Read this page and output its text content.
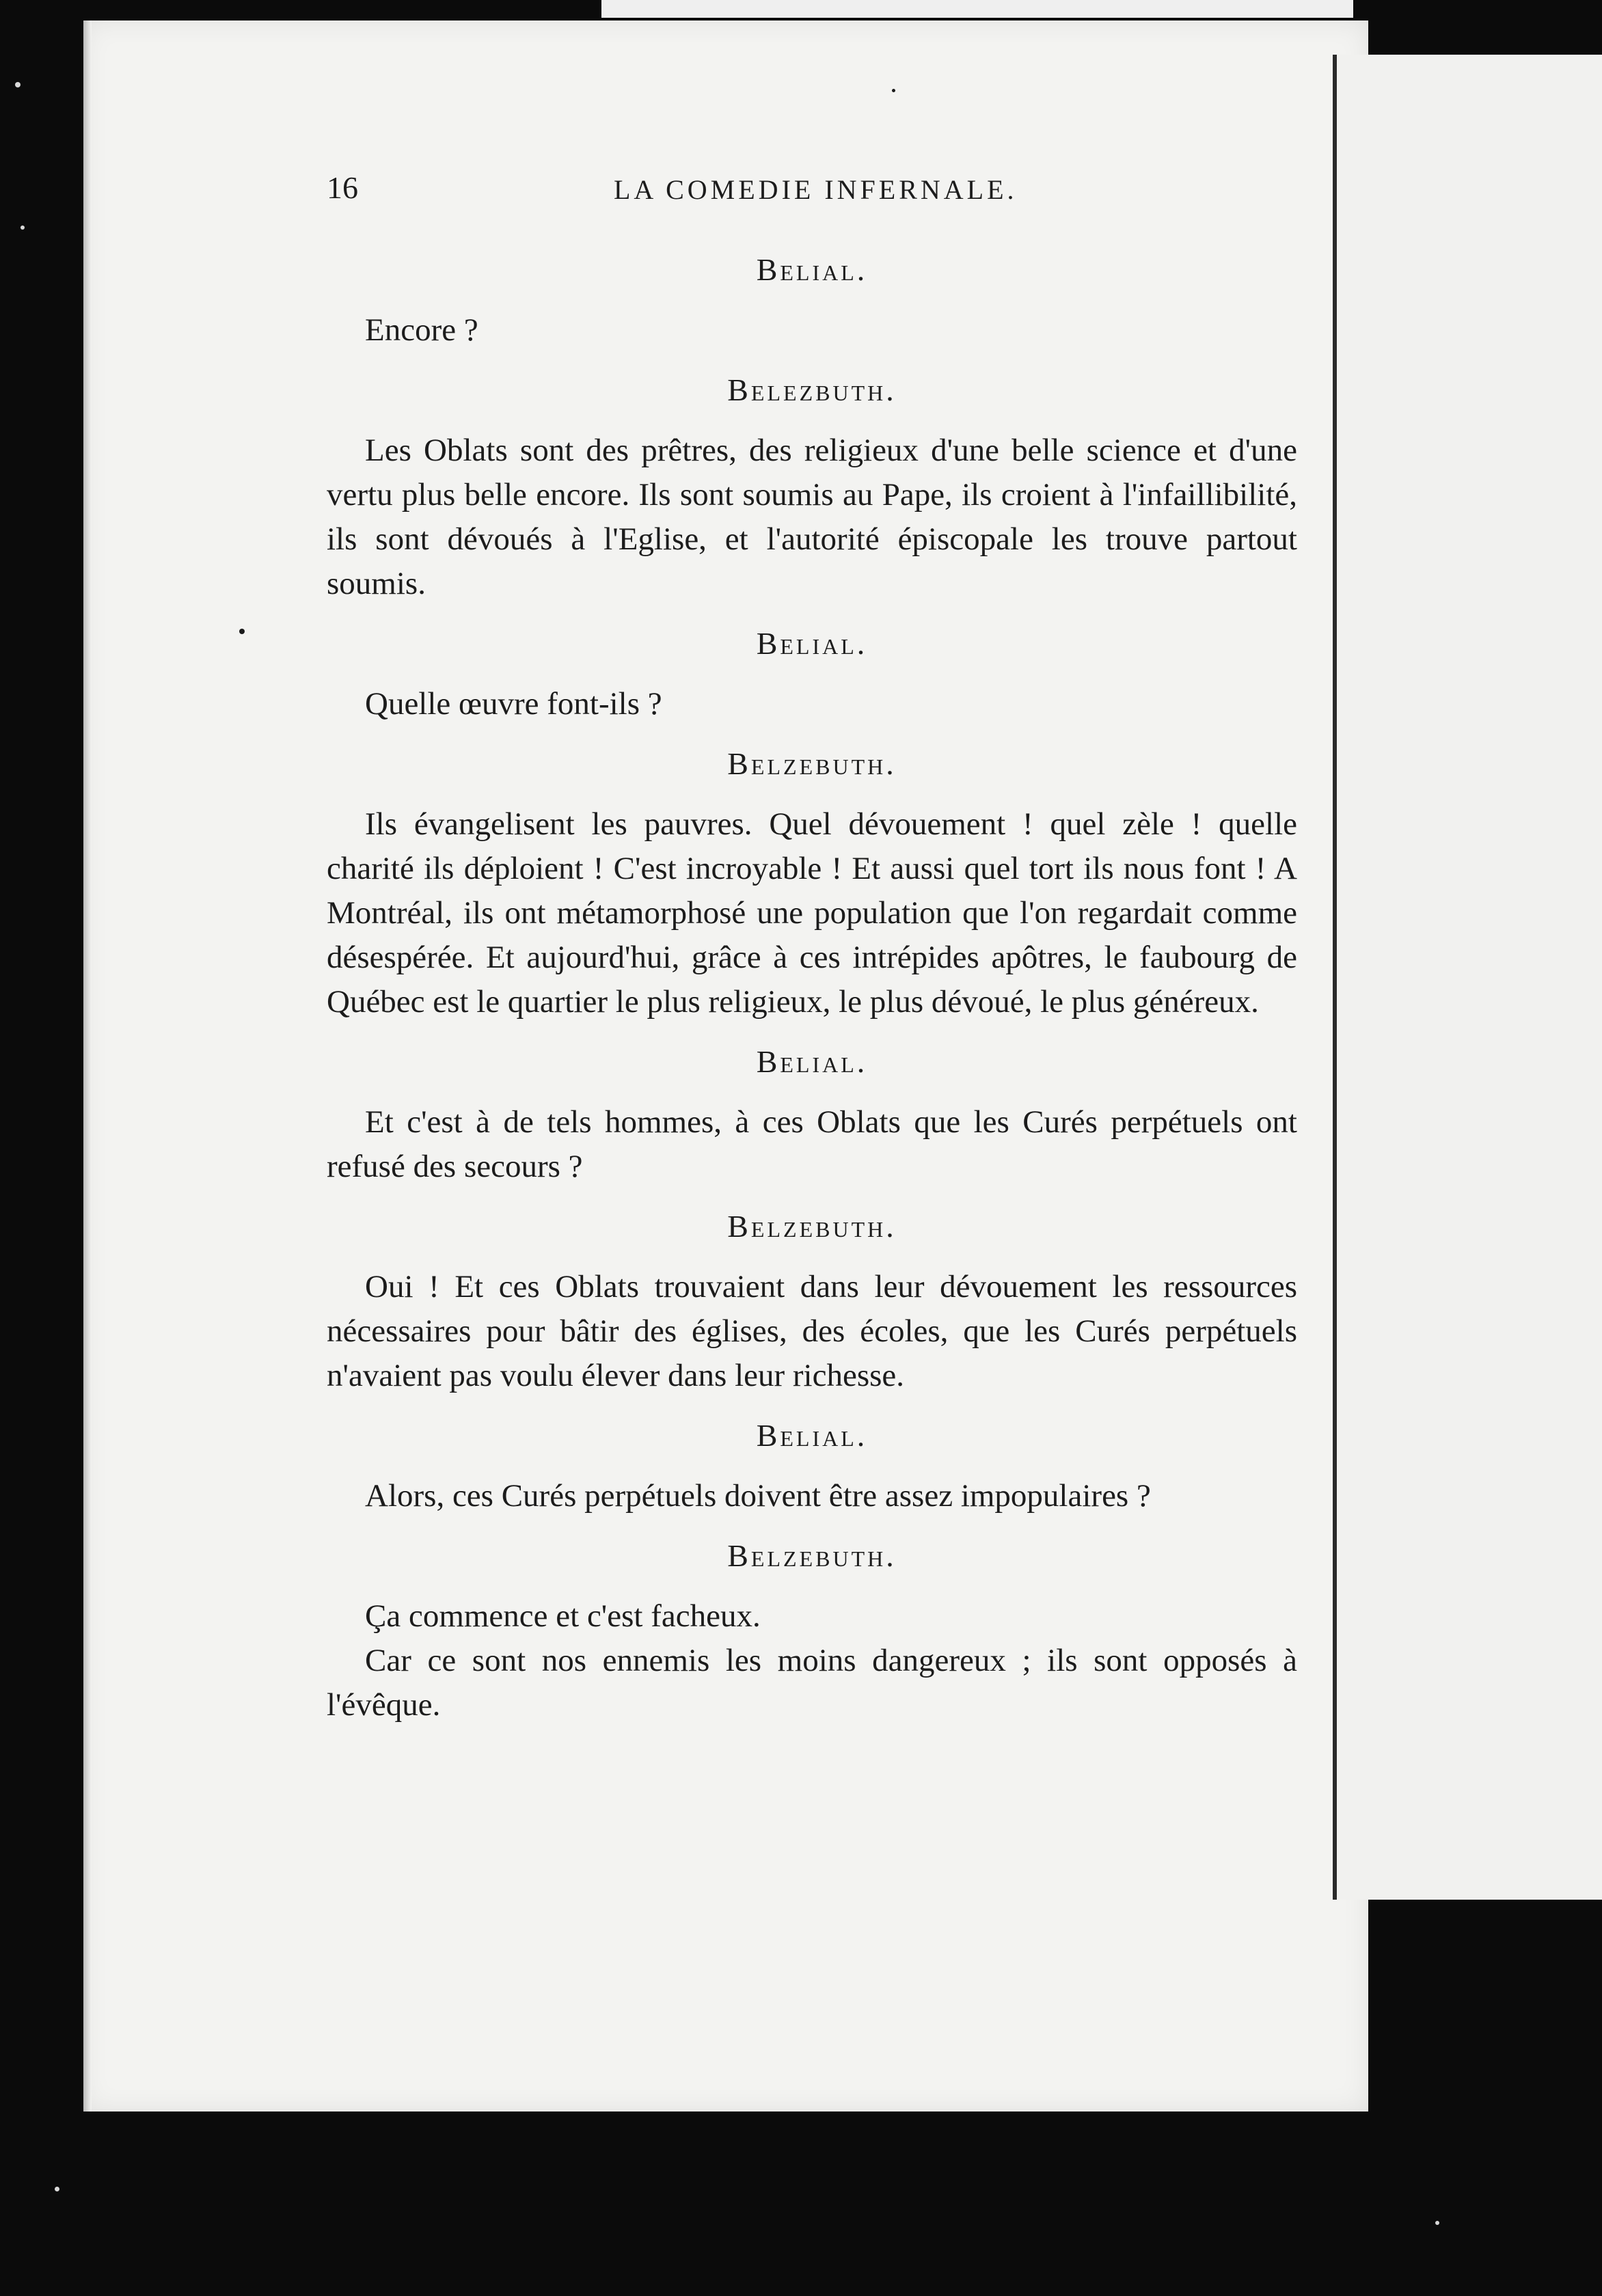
16	LA COMEDIE INFERNALE.
Belial.

Encore ?

Belezbuth.

Les Oblats sont des prêtres, des religieux d'une belle science et d'une vertu plus belle encore. Ils sont soumis au Pape, ils croient à l'infaillibilité, ils sont dévoués à l'Eglise, et l'autorité épiscopale les trouve partout soumis.

Belial.

Quelle œuvre font-ils ?

Belzebuth.

Ils évangelisent les pauvres. Quel dévouement ! quel zèle ! quelle charité ils déploient ! C'est incroyable ! Et aussi quel tort ils nous font ! A Montréal, ils ont métamorphosé une population que l'on regardait comme désespérée. Et aujourd'hui, grâce à ces intrépides apôtres, le faubourg de Québec est le quartier le plus religieux, le plus dévoué, le plus généreux.

Belial.

Et c'est à de tels hommes, à ces Oblats que les Curés perpétuels ont refusé des secours ?

Belzebuth.

Oui ! Et ces Oblats trouvaient dans leur dévouement les ressources nécessaires pour bâtir des églises, des écoles, que les Curés perpétuels n'avaient pas voulu élever dans leur richesse.

Belial.

Alors, ces Curés perpétuels doivent être assez impopulaires ?

Belzebuth.

Ça commence et c'est facheux.

Car ce sont nos ennemis les moins dangereux ; ils sont opposés à l'évêque.
